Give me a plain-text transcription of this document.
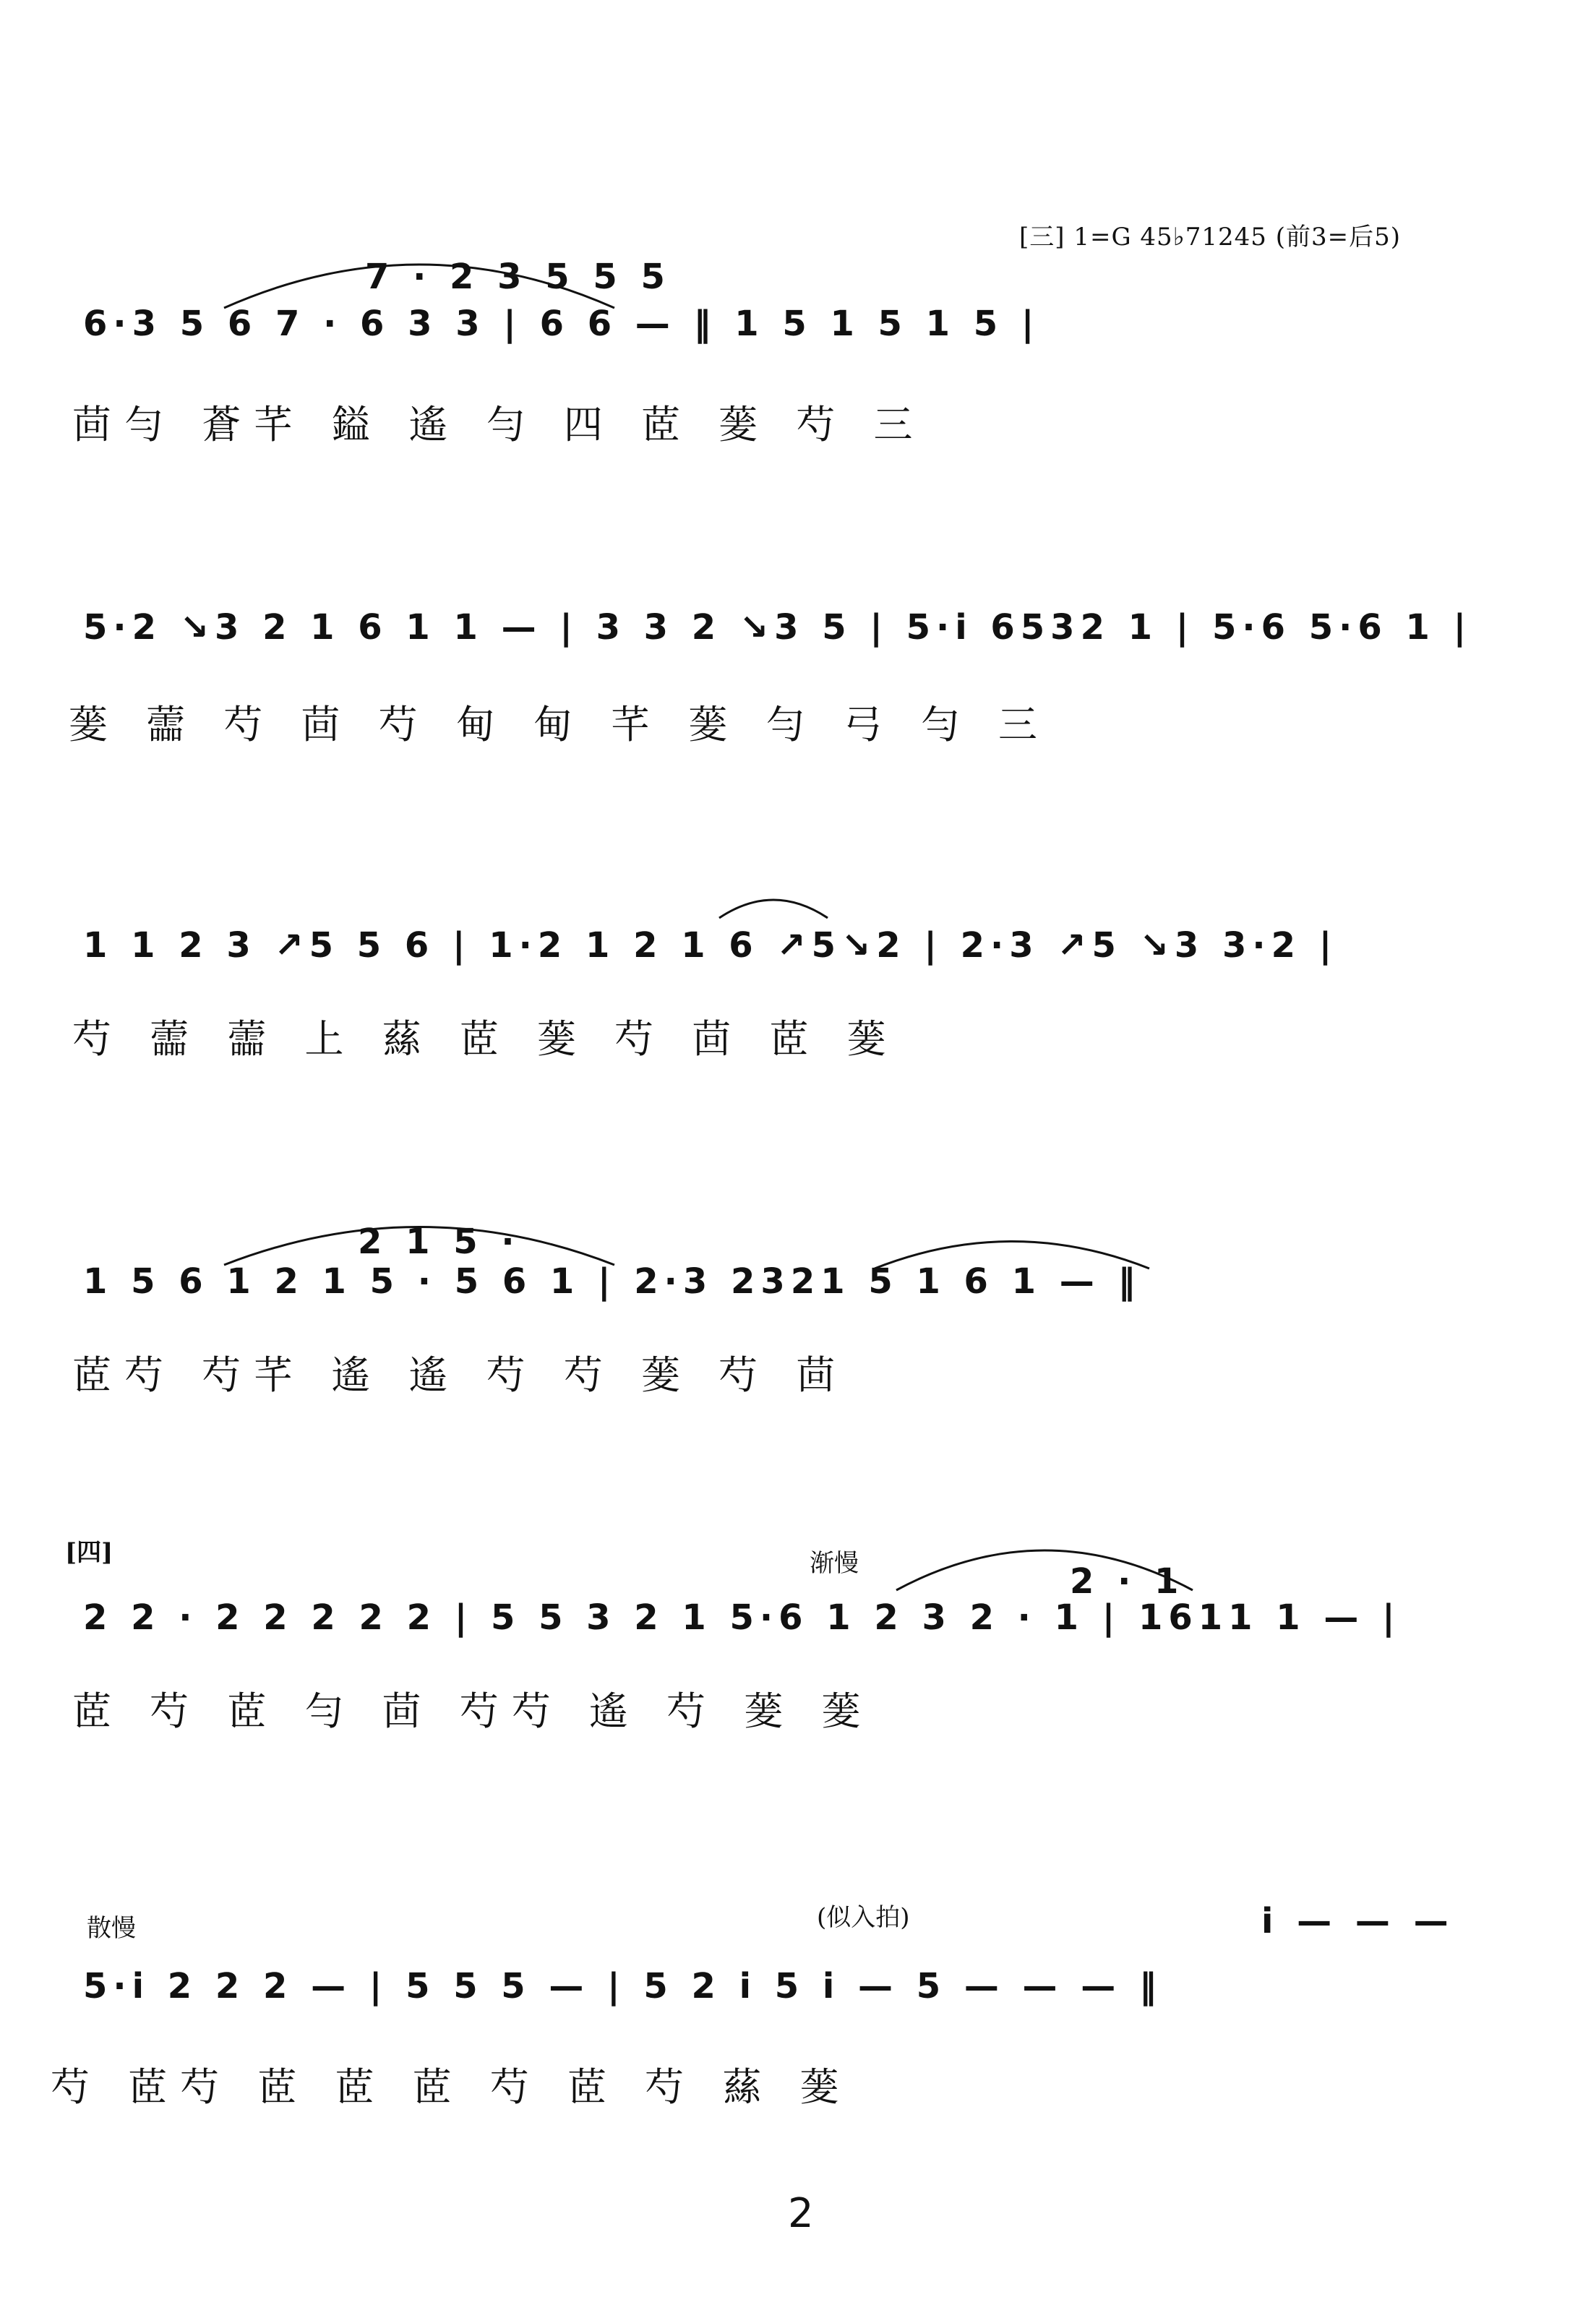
[三] 1=G 45♭71245 (前3=后5)
7 · 2 3 5 5 5
6·3 5 6 7 · 6 3 3 | 6 6 — ‖ 1 5 1 5 1 5 |
茴勻 蒼芊 鎰 遙 勻 四 茝 蓌 芍 三
5·2 ↘3 2 1 6 1 1 — | 3 3 2 ↘3 5 | 5·i 6532 1 | 5·6 5·6 1 |
蓌 蘦 芍 茴 芍 甸 甸 芊 蓌 勻 弓 勻 三
1 1 2 3 ↗5 5 6 | 1·2 1 2 1 6 ↗5↘2 | 2·3 ↗5 ↘3 3·2 |
芍 蘦 蘦 上 蕬 茝 蓌 芍 茴 茝 蓌
2 1 5 ·
1 5 6 1 2 1 5 · 5 6 1 | 2·3 2321 5 1 6 1 — ‖
茝芍 芍芊 遙 遙 芍 芍 蓌 芍 茴
[四]	渐慢	2 · 1
2 2 · 2 2 2 2 2 | 5 5 3 2 1 5·6 1 2 3 2 · 1 | 1611 1 — |
茝 芍 茝 勻 茴 芍芍 遙 芍 蓌 蓌
散慢	(似入拍)	i — — —
5·i 2 2 2 — | 5 5 5 — | 5 2 i 5 i — 5 — — — ‖
芍 茝芍 茝 茝 茝 芍 茝 芍 蕬 蓌
2
